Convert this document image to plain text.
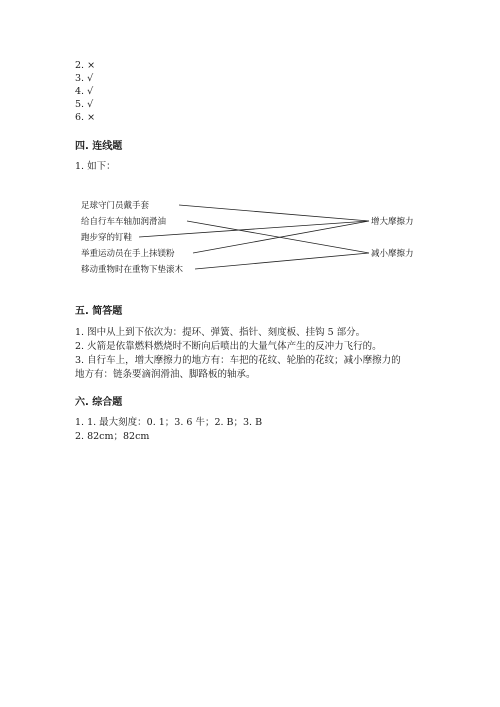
2. ×
3. √
4. √
5. √
6. ×
四. 连线题
1. 如下：
足球守门员戴手套
给自行车车轴加润滑油
跑步穿的钉鞋
举重运动员在手上抹镁粉
移动重物时在重物下垫滚木
增大摩擦力
减小摩擦力
五. 简答题
1. 图中从上到下依次为：提环、弹簧、指针、刻度板、挂钩 5 部分。
2. 火箭是依靠燃料燃烧时不断向后喷出的大量气体产生的反冲力飞行的。
3. 自行车上，增大摩擦力的地方有：车把的花纹、轮胎的花纹；减小摩擦力的
地方有：链条要滴润滑油、脚路板的轴承。
六. 综合题
1. 1. 最大刻度：0. 1；3. 6 牛；2. B；3. B
2. 82cm；82cm
